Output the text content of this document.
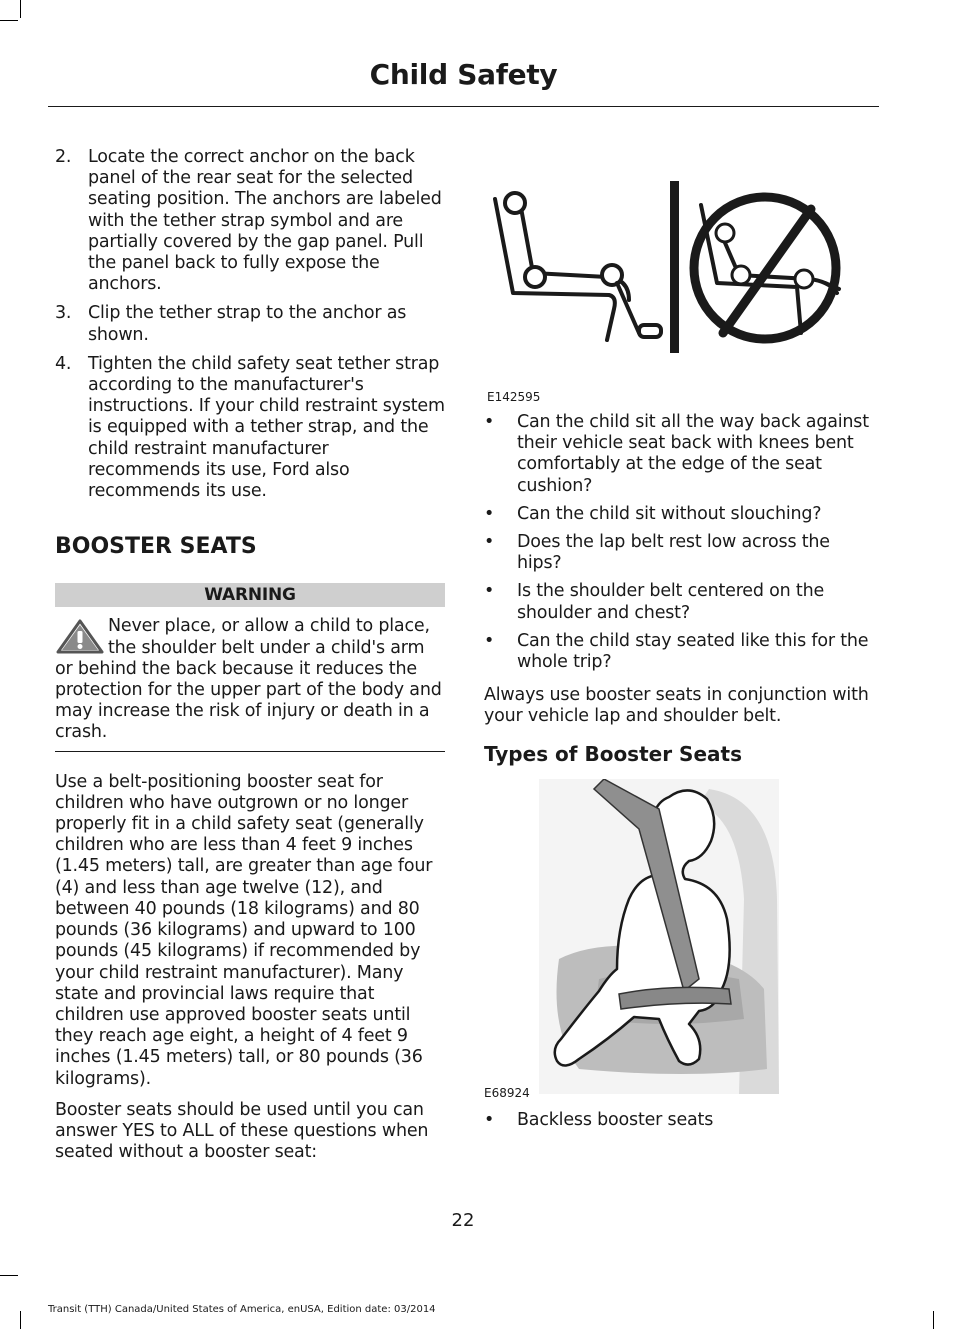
Child Safety
2. Locate the correct anchor on the back panel of the rear seat for the selected seating position. The anchors are labeled with the tether strap symbol and are partially covered by the gap panel. Pull the panel back to fully expose the anchors.
3. Clip the tether strap to the anchor as shown.
4. Tighten the child safety seat tether strap according to the manufacturer's instructions. If your child restraint system is equipped with a tether strap, and the child restraint manufacturer recommends its use, Ford also recommends its use.
BOOSTER SEATS
WARNING
Never place, or allow a child to place, the shoulder belt under a child's arm or behind the back because it reduces the protection for the upper part of the body and may increase the risk of injury or death in a crash.

Use a belt-positioning booster seat for children who have outgrown or no longer properly fit in a child safety seat (generally children who are less than 4 feet 9 inches (1.45 meters) tall, are greater than age four (4) and less than age twelve (12), and between 40 pounds (18 kilograms) and 80 pounds (36 kilograms) and upward to 100 pounds (45 kilograms) if recommended by your child restraint manufacturer). Many state and provincial laws require that children use approved booster seats until they reach age eight, a height of 4 feet 9 inches (1.45 meters) tall, or 80 pounds (36 kilograms).

Booster seats should be used until you can answer YES to ALL of these questions when seated without a booster seat:

E142595
• Can the child sit all the way back against their vehicle seat back with knees bent comfortably at the edge of the seat cushion?
• Can the child sit without slouching?
• Does the lap belt rest low across the hips?
• Is the shoulder belt centered on the shoulder and chest?
• Can the child stay seated like this for the whole trip?

Always use booster seats in conjunction with your vehicle lap and shoulder belt.

Types of Booster Seats
E68924
• Backless booster seats
22
Transit (TTH) Canada/United States of America, enUSA, Edition date: 03/2014
